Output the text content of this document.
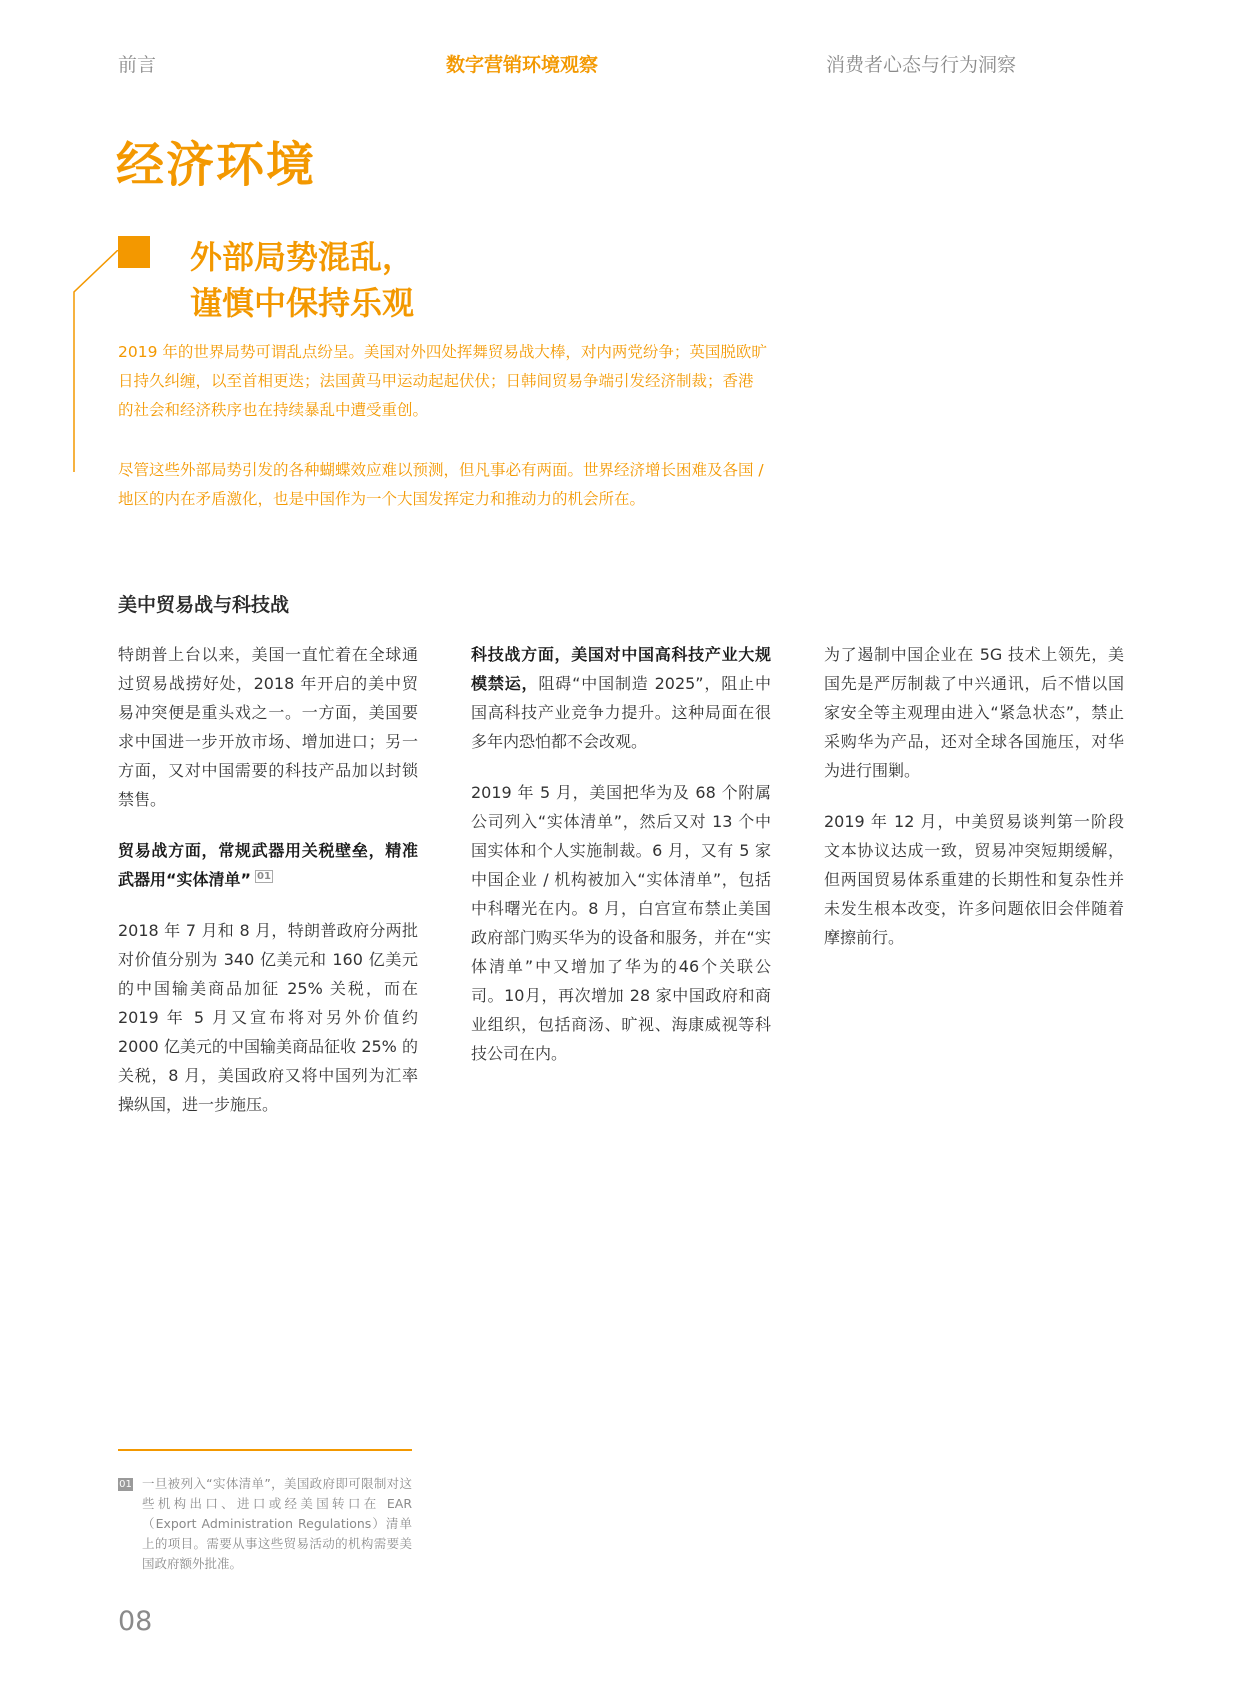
前言	数字营销环境观察	消费者心态与行为洞察
经济环境
外部局势混乱，
谨慎中保持乐观

2019 年的世界局势可谓乱点纷呈。美国对外四处挥舞贸易战大棒，对内两党纷争；英国脱欧旷日持久纠缠，以至首相更迭；法国黄马甲运动起起伏伏；日韩间贸易争端引发经济制裁；香港的社会和经济秩序也在持续暴乱中遭受重创。

尽管这些外部局势引发的各种蝴蝶效应难以预测，但凡事必有两面。世界经济增长困难及各国 / 地区的内在矛盾激化，也是中国作为一个大国发挥定力和推动力的机会所在。

美中贸易战与科技战

特朗普上台以来，美国一直忙着在全球通过贸易战捞好处，2018 年开启的美中贸易冲突便是重头戏之一。一方面，美国要求中国进一步开放市场、增加进口；另一方面，又对中国需要的科技产品加以封锁禁售。

贸易战方面，常规武器用关税壁垒，精准武器用“实体清单” $^{01}$

2018 年 7 月和 8 月，特朗普政府分两批对价值分别为 340 亿美元和 160 亿美元的中国输美商品加征 25% 关税，而在 2019 年 5 月又宣布将对另外价值约 2000 亿美元的中国输美商品征收 25% 的关税，8 月，美国政府又将中国列为汇率操纵国，进一步施压。

科技战方面，美国对中国高科技产业大规模禁运，阻碍“中国制造 2025”，阻止中国高科技产业竞争力提升。这种局面在很多年内恐怕都不会改观。

2019 年 5 月，美国把华为及 68 个附属公司列入“实体清单”，然后又对 13 个中国实体和个人实施制裁。6 月，又有 5 家中国企业 / 机构被加入“实体清单”，包括中科曙光在内。8 月，白宫宣布禁止美国政府部门购买华为的设备和服务，并在“实体清单”中又增加了华为的46个关联公司。10月，再次增加 28 家中国政府和商业组织，包括商汤、旷视、海康威视等科技公司在内。

为了遏制中国企业在 5G 技术上领先，美国先是严厉制裁了中兴通讯，后不惜以国家安全等主观理由进入“紧急状态”，禁止采购华为产品，还对全球各国施压，对华为进行围剿。

2019 年 12 月，中美贸易谈判第一阶段文本协议达成一致，贸易冲突短期缓解，但两国贸易体系重建的长期性和复杂性并未发生根本改变，许多问题依旧会伴随着摩擦前行。

01 一旦被列入“实体清单”，美国政府即可限制对这些机构出口、进口或经美国转口在 EAR（Export Administration Regulations）清单上的项目。需要从事这些贸易活动的机构需要美国政府额外批准。

08
